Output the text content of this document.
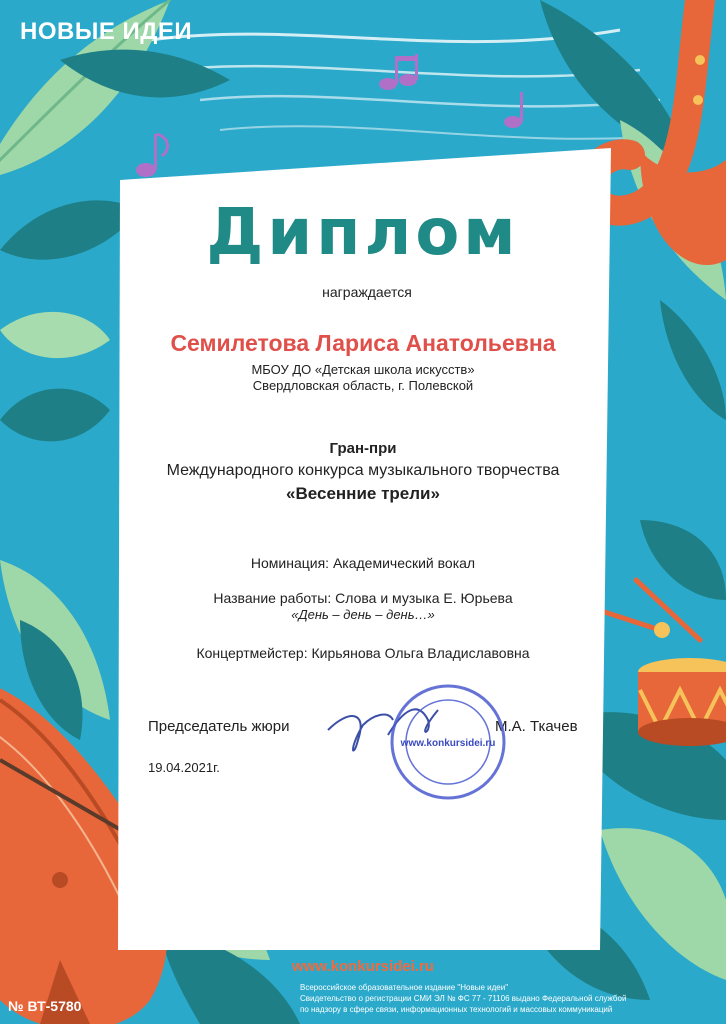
НОВЫЕ ИДЕИ
Диплом
награждается
Семилетова Лариса Анатольевна
МБОУ ДО «Детская школа искусств»
Свердловская область, г. Полевской
Гран-при
Международного конкурса музыкального творчества
«Весенние трели»
Номинация: Академический вокал
Название работы: Слова и музыка Е. Юрьева
«День – день – день…»
Концертмейстер: Кирьянова Ольга Владиславовна
Председатель жюри	М.А. Ткачев
19.04.2021г.
www.konkursidei.ru
www.konkursidei.ru
Всероссийское образовательное издание "Новые идеи"
Свидетельство о регистрации СМИ ЭЛ № ФС 77 - 71106 выдано Федеральной службой
по надзору в сфере связи, информационных технологий и массовых коммуникаций
№ ВТ-5780
